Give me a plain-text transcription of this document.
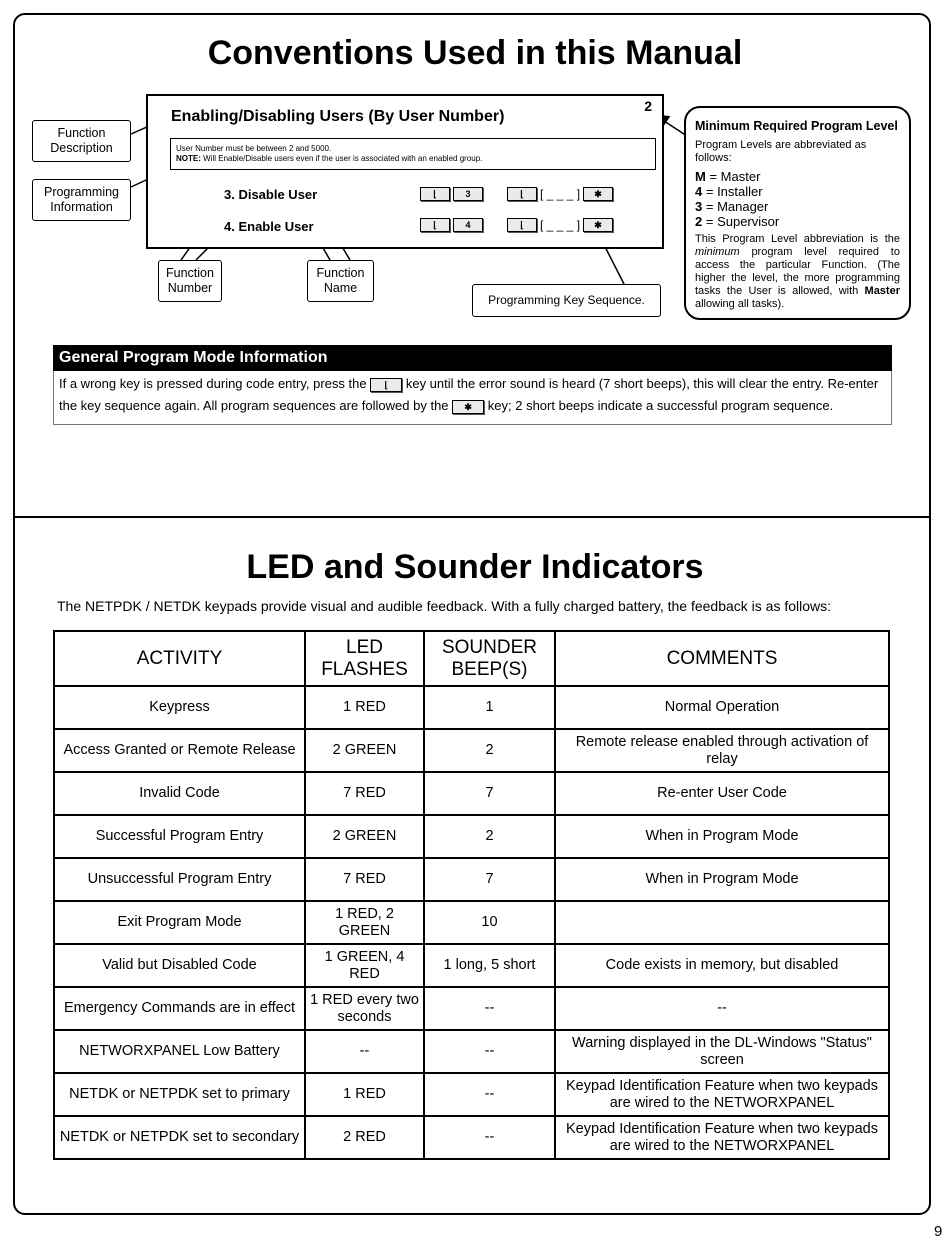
Conventions Used in this Manual
Enabling/Disabling Users (By User Number)
2
User Number must be between 2 and 5000.
NOTE: Will Enable/Disable users even if the user is associated with an enabled group.
3. Disable User
4. Enable User
⌊	3	⌊	[ _ _ _ ]	✱
⌊	4	⌊	[ _ _ _ ]	✱
Function Description
Programming Information
Function Number
Function Name
Programming Key Sequence.
Minimum Required Program Level
Program Levels are abbreviated as follows:
M = Master
4 = Installer
3 = Manager
2 = Supervisor
This Program Level abbreviation is the minimum program level required to access the particular Function. (The higher the level, the more programming tasks the User is allowed, with Master allowing all tasks).
General Program Mode Information
If a wrong key is pressed during code entry, press the ⌊ key until the error sound is heard (7 short beeps), this will clear the entry. Re-enter the key sequence again. All program sequences are followed by the ✱ key; 2 short beeps indicate a successful program sequence.
LED and Sounder Indicators
The NETPDK / NETDK keypads provide visual and audible feedback. With a fully charged battery, the feedback is as follows:
ACTIVITY	LED FLASHES	SOUNDER BEEP(S)	COMMENTS
Keypress	1 RED	1	Normal Operation
Access Granted or Remote Release	2 GREEN	2	Remote release enabled through activation of relay
Invalid Code	7 RED	7	Re-enter User Code
Successful Program Entry	2 GREEN	2	When in Program Mode
Unsuccessful Program Entry	7 RED	7	When in Program Mode
Exit Program Mode	1 RED, 2 GREEN	10	
Valid but Disabled Code	1 GREEN, 4 RED	1 long, 5 short	Code exists in memory, but disabled
Emergency Commands are in effect	1 RED every two seconds	--	--
NETWORXPANEL Low Battery	--	--	Warning displayed in the DL-Windows "Status" screen
NETDK or NETPDK set to primary	1 RED	--	Keypad Identification Feature when two keypads are wired to the NETWORXPANEL
NETDK or NETPDK set to secondary	2 RED	--	Keypad Identification Feature when two keypads are wired to the NETWORXPANEL
9
